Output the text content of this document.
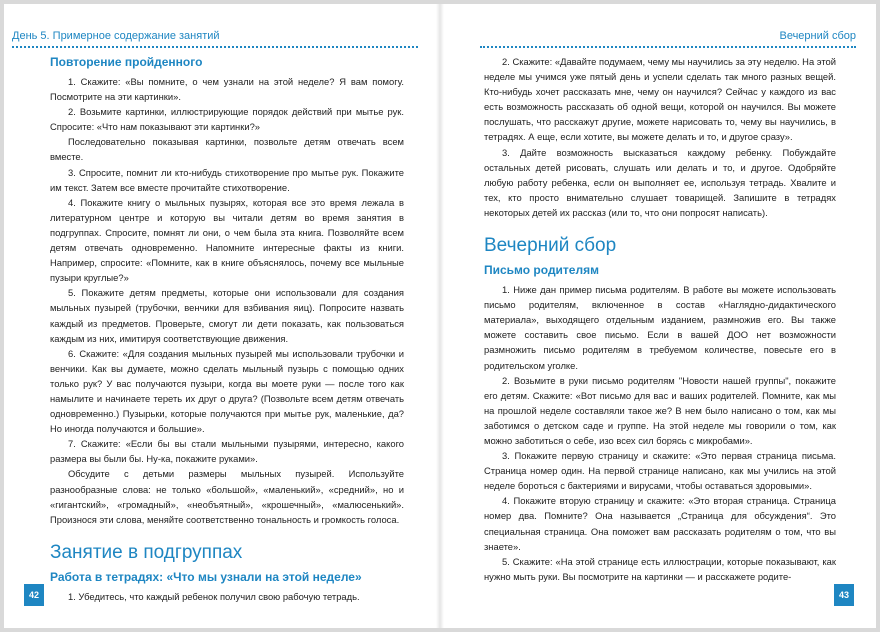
День 5. Примерное содержание занятий
Повторение пройденного

1. Скажите: «Вы помните, о чем узнали на этой неделе? Я вам помогу. Посмотрите на эти картинки».

2. Возьмите картинки, иллюстрирующие порядок действий при мытье рук. Спросите: «Что нам показывают эти картинки?»

Последовательно показывая картинки, позвольте детям отвечать всем вместе.

3. Спросите, помнит ли кто-нибудь стихотворение про мытье рук. Покажите им текст. Затем все вместе прочитайте стихотворение.

4. Покажите книгу о мыльных пузырях, которая все это время лежала в литературном центре и которую вы читали детям во время занятия в подгруппах. Спросите, помнят ли они, о чем была эта книга. Позволяйте всем детям отвечать одновременно. Напомните интересные факты из книги. Например, спросите: «Помните, как в книге объяснялось, почему все мыльные пузыри круглые?»

5. Покажите детям предметы, которые они использовали для создания мыльных пузырей (трубочки, венчики для взбивания яиц). Попросите назвать каждый из предметов. Проверьте, смогут ли дети показать, как пользоваться каждым из них, имитируя соответствующие движения.

6. Скажите: «Для создания мыльных пузырей мы использовали трубочки и венчики. Как вы думаете, можно сделать мыльный пузырь с помощью одних только рук? У вас получаются пузыри, когда вы моете руки — после того как намылите и начинаете тереть их друг о друга? (Позвольте всем детям отвечать одновременно.) Пузырьки, которые получаются при мытье рук, маленькие, да? Но иногда получаются и большие».

7. Скажите: «Если бы вы стали мыльными пузырями, интересно, какого размера вы были бы. Ну-ка, покажите руками».

Обсудите с детьми размеры мыльных пузырей. Используйте разнообразные слова: не только «большой», «маленький», «средний», но и «гигантский», «громадный», «необъятный», «крошечный», «малюсенький». Произнося эти слова, меняйте соответственно тональность и громкость голоса.

Занятие в подгруппах
Работа в тетрадях: «Что мы узнали на этой неделе»

1. Убедитесь, что каждый ребенок получил свою рабочую тетрадь.

42
Вечерний сбор

2. Скажите: «Давайте подумаем, чему мы научились за эту неделю. На этой неделе мы учимся уже пятый день и успели сделать так много разных вещей. Кто-нибудь хочет рассказать мне, чему он научился? Сейчас у каждого из вас есть возможность рассказать об одной вещи, которой он научился. Вы можете послушать, что расскажут другие, можете нарисовать то, чему вы научились, в тетрадях. А еще, если хотите, вы можете делать и то, и другое сразу».

3. Дайте возможность высказаться каждому ребенку. Побуждайте остальных детей рисовать, слушать или делать и то, и другое. Одобряйте любую работу ребенка, если он выполняет ее, используя тетрадь. Хвалите и тех, кто просто внимательно слушает товарищей. Запишите в тетрадях некоторых детей их рассказ (или то, что они попросят написать).

Вечерний сбор
Письмо родителям

1. Ниже дан пример письма родителям. В работе вы можете использовать письмо родителям, включенное в состав «Наглядно-дидактического материала», выходящего отдельным изданием, размножив его. Вы также можете составить свое письмо. Если в вашей ДОО нет возможности размножить письмо родителям в требуемом количестве, повесьте его в родительском уголке.

2. Возьмите в руки письмо родителям "Новости нашей группы", покажите его детям. Скажите: «Вот письмо для вас и ваших родителей. Помните, как мы на прошлой неделе составляли такое же? В нем было написано о том, как мы заботимся о детском саде и группе. На этой неделе мы говорили о том, как можно заботиться о себе, изо всех сил борясь с микробами».

3. Покажите первую страницу и скажите: «Это первая страница письма. Страница номер один. На первой странице написано, как мы учились на этой неделе бороться с бактериями и вирусами, чтобы оставаться здоровыми».

4. Покажите вторую страницу и скажите: «Это вторая страница. Страница номер два. Помните? Она называется „Страница для обсуждения“. Это специальная страница. Она поможет вам рассказать родителям о том, что вы знаете».

5. Скажите: «На этой странице есть иллюстрации, которые показывают, как нужно мыть руки. Вы посмотрите на картинки — и расскажете родите-

43
